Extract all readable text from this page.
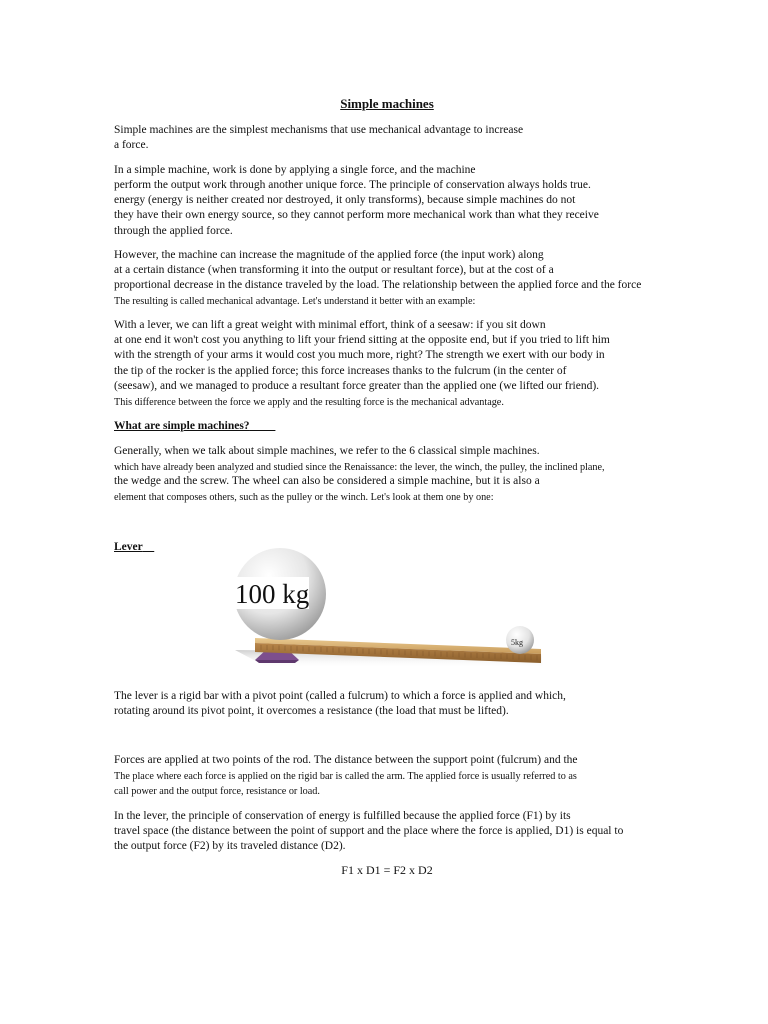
Simple machines

Simple machines are the simplest mechanisms that use mechanical advantage to increase

a force.

In a simple machine, work is done by applying a single force, and the machine

perform the output work through another unique force. The principle of conservation always holds true.

energy (energy is neither created nor destroyed, it only transforms), because simple machines do not

they have their own energy source, so they cannot perform more mechanical work than what they receive

through the applied force.

However, the machine can increase the magnitude of the applied force (the input work) along

at a certain distance (when transforming it into the output or resultant force), but at the cost of a

proportional decrease in the distance traveled by the load. The relationship between the applied force and the force

The resulting is called mechanical advantage. Let's understand it better with an example:

With a lever, we can lift a great weight with minimal effort, think of a seesaw: if you sit down

at one end it won't cost you anything to lift your friend sitting at the opposite end, but if you tried to lift him

with the strength of your arms it would cost you much more, right? The strength we exert with our body in

the tip of the rocker is the applied force; this force increases thanks to the fulcrum (in the center of

(seesaw), and we managed to produce a resultant force greater than the applied one (we lifted our friend).

This difference between the force we apply and the resulting force is the mechanical advantage.

What are simple machines?

Generally, when we talk about simple machines, we refer to the 6 classical simple machines.

which have already been analyzed and studied since the Renaissance: the lever, the winch, the pulley, the inclined plane,

the wedge and the screw. The wheel can also be considered a simple machine, but it is also a

element that composes others, such as the pulley or the winch. Let's look at them one by one:

Lever

100 kg
5kg

The lever is a rigid bar with a pivot point (called a fulcrum) to which a force is applied and which,

rotating around its pivot point, it overcomes a resistance (the load that must be lifted).

Forces are applied at two points of the rod. The distance between the support point (fulcrum) and the

The place where each force is applied on the rigid bar is called the arm. The applied force is usually referred to as

call power and the output force, resistance or load.

In the lever, the principle of conservation of energy is fulfilled because the applied force (F1) by its

travel space (the distance between the point of support and the place where the force is applied, D1) is equal to

the output force (F2) by its traveled distance (D2).

F1 x D1 = F2 x D2
